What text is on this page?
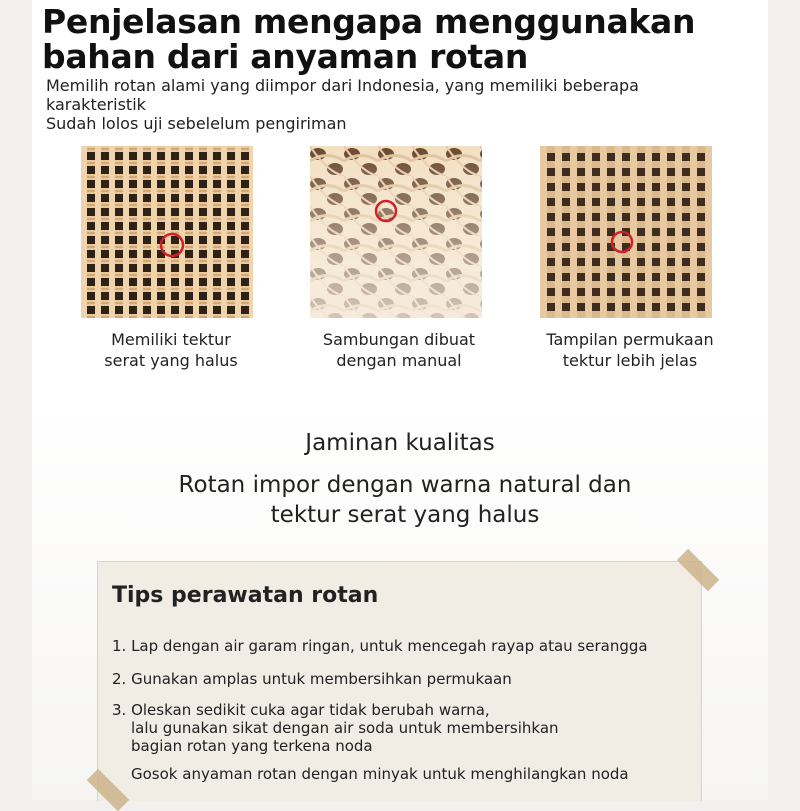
Penjelasan mengapa menggunakan
bahan dari anyaman rotan
Memilih rotan alami yang diimpor dari Indonesia, yang memiliki beberapa
karakteristik
Sudah lolos uji sebelelum pengiriman
Memiliki tektur
serat yang halus
Sambungan dibuat
dengan manual
Tampilan permukaan
tektur lebih jelas
Jaminan kualitas
Rotan impor dengan warna natural dan
tektur serat yang halus
Tips perawatan rotan
1. Lap dengan air garam ringan, untuk mencegah rayap atau serangga
2. Gunakan amplas untuk membersihkan permukaan
3. Oleskan sedikit cuka agar tidak berubah warna,
lalu gunakan sikat dengan air soda untuk membersihkan
bagian rotan yang terkena noda
Gosok anyaman rotan dengan minyak untuk menghilangkan noda
